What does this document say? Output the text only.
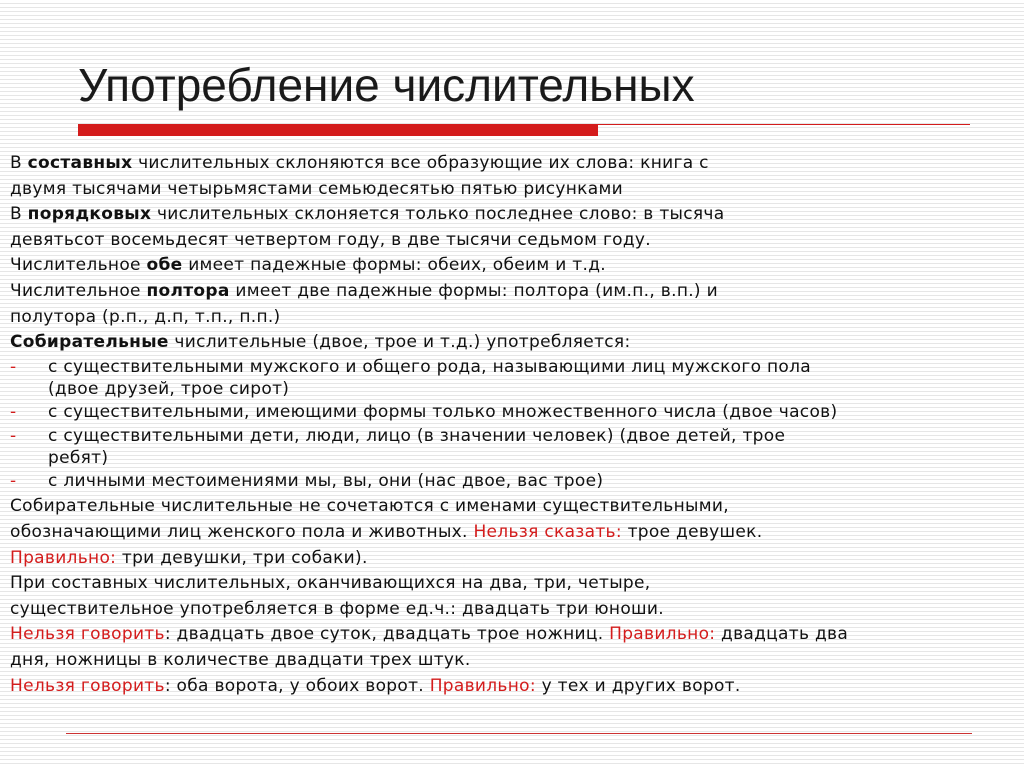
Употребление числительных
В составных числительных склоняются все образующие их слова: книга с
двумя тысячами четырьмястами семьюдесятью пятью рисунками
В порядковых числительных склоняется только последнее слово: в тысяча
девятьсот восемьдесят четвертом году, в две тысячи седьмом году.
Числительное обе имеет падежные формы: обеих, обеим и т.д.
Числительное полтора имеет две падежные формы: полтора (им.п., в.п.) и
полутора (р.п., д.п, т.п., п.п.)
Собирательные числительные (двое, трое и т.д.) употребляется:
- с существительными мужского и общего рода, называющими лиц мужского пола
(двое друзей, трое сирот)
- с существительными, имеющими формы только множественного числа (двое часов)
- с существительными дети, люди, лицо (в значении человек) (двое детей, трое
ребят)
- с личными местоимениями мы, вы, они (нас двое, вас трое)
Собирательные числительные не сочетаются с именами существительными,
обозначающими лиц женского пола и животных. Нельзя сказать: трое девушек.
Правильно: три девушки, три собаки).
При составных числительных, оканчивающихся на два, три, четыре,
существительное употребляется в форме ед.ч.: двадцать три юноши.
Нельзя говорить: двадцать двое суток, двадцать трое ножниц. Правильно: двадцать два
дня, ножницы в количестве двадцати трех штук.
Нельзя говорить: оба ворота, у обоих ворот. Правильно: у тех и других ворот.
